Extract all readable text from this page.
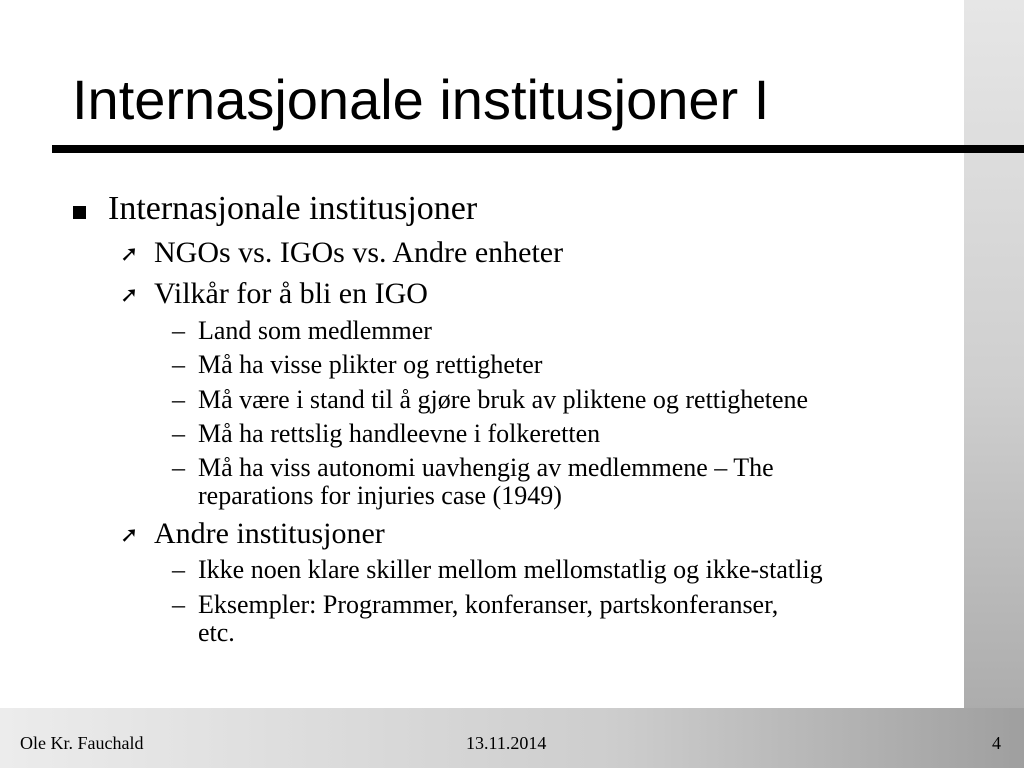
Internasjonale institusjoner I
Internasjonale institusjoner
➚ NGOs vs. IGOs vs. Andre enheter
➚ Vilkår for å bli en IGO
– Land som medlemmer
– Må ha visse plikter og rettigheter
– Må være i stand til å gjøre bruk av pliktene og rettighetene
– Må ha rettslig handleevne i folkeretten
– Må ha viss autonomi uavhengig av medlemmene – The
reparations for injuries case (1949)
➚ Andre institusjoner
– Ikke noen klare skiller mellom mellomstatlig og ikke-statlig
– Eksempler: Programmer, konferanser, partskonferanser,
etc.
Ole Kr. Fauchald	13.11.2014	4
